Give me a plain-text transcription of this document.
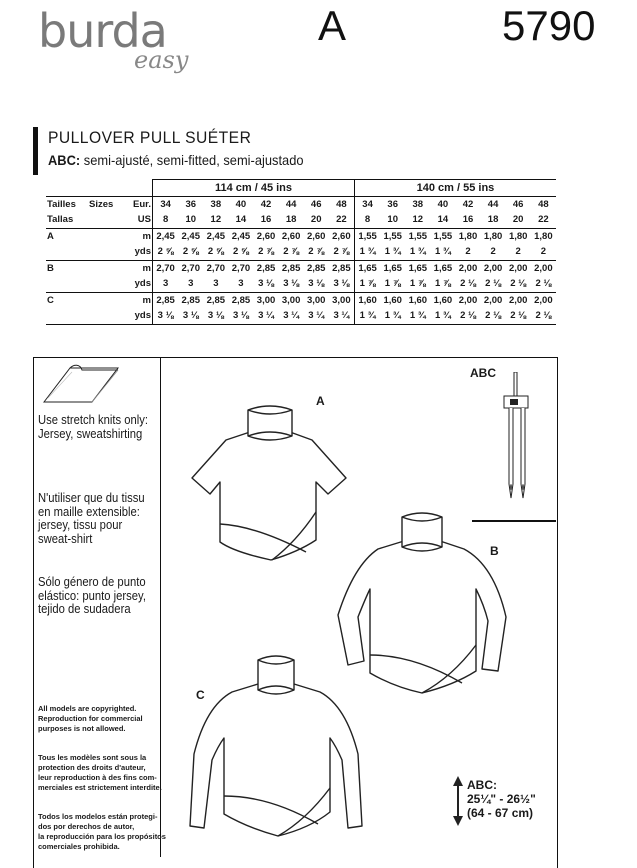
burda
easy
A	5790
PULLOVER PULL SUÉTER
ABC: semi-ajusté, semi-fitted, semi-ajustado
			114 cm / 45 ins								140 cm / 55 ins							
Tailles	Sizes	Eur.	34	36	38	40	42	44	46	48	34	36	38	40	42	44	46	48
Tallas		US	8	10	12	14	16	18	20	22	8	10	12	14	16	18	20	22
A		m	2,45	2,45	2,45	2,45	2,60	2,60	2,60	2,60	1,55	1,55	1,55	1,55	1,80	1,80	1,80	1,80
		yds	2 ⅝	2 ⅝	2 ⅝	2 ⅝	2 ⅞	2 ⅞	2 ⅞	2 ⅞	1 ¾	1 ¾	1 ¾	1 ¾	2	2	2	2
B		m	2,70	2,70	2,70	2,70	2,85	2,85	2,85	2,85	1,65	1,65	1,65	1,65	2,00	2,00	2,00	2,00
		yds	3	3	3	3	3 ⅛	3 ⅛	3 ⅛	3 ⅛	1 ⅞	1 ⅞	1 ⅞	1 ⅞	2 ⅛	2 ⅛	2 ⅛	2 ⅛
C		m	2,85	2,85	2,85	2,85	3,00	3,00	3,00	3,00	1,60	1,60	1,60	1,60	2,00	2,00	2,00	2,00
		yds	3 ⅛	3 ⅛	3 ⅛	3 ⅛	3 ¼	3 ¼	3 ¼	3 ¼	1 ¾	1 ¾	1 ¾	1 ¾	2 ⅛	2 ⅛	2 ⅛	2 ⅛
Use stretch knits only:
Jersey, sweatshirting
N'utiliser que du tissu
en maille extensible:
jersey, tissu pour
sweat-shirt
Sólo género de punto
elástico: punto jersey,
tejido de sudadera
All models are copyrighted.
Reproduction for commercial
purposes is not allowed.
Tous les modèles sont sous la
protection des droits d'auteur,
leur reproduction à des fins com-
merciales est strictement interdite.
Todos los modelos están protegi-
dos por derechos de autor,
la reproducción para los propósitos
comerciales prohibida.
ABC
A
B
C
ABC:
25¼" - 26½"
(64 - 67 cm)
